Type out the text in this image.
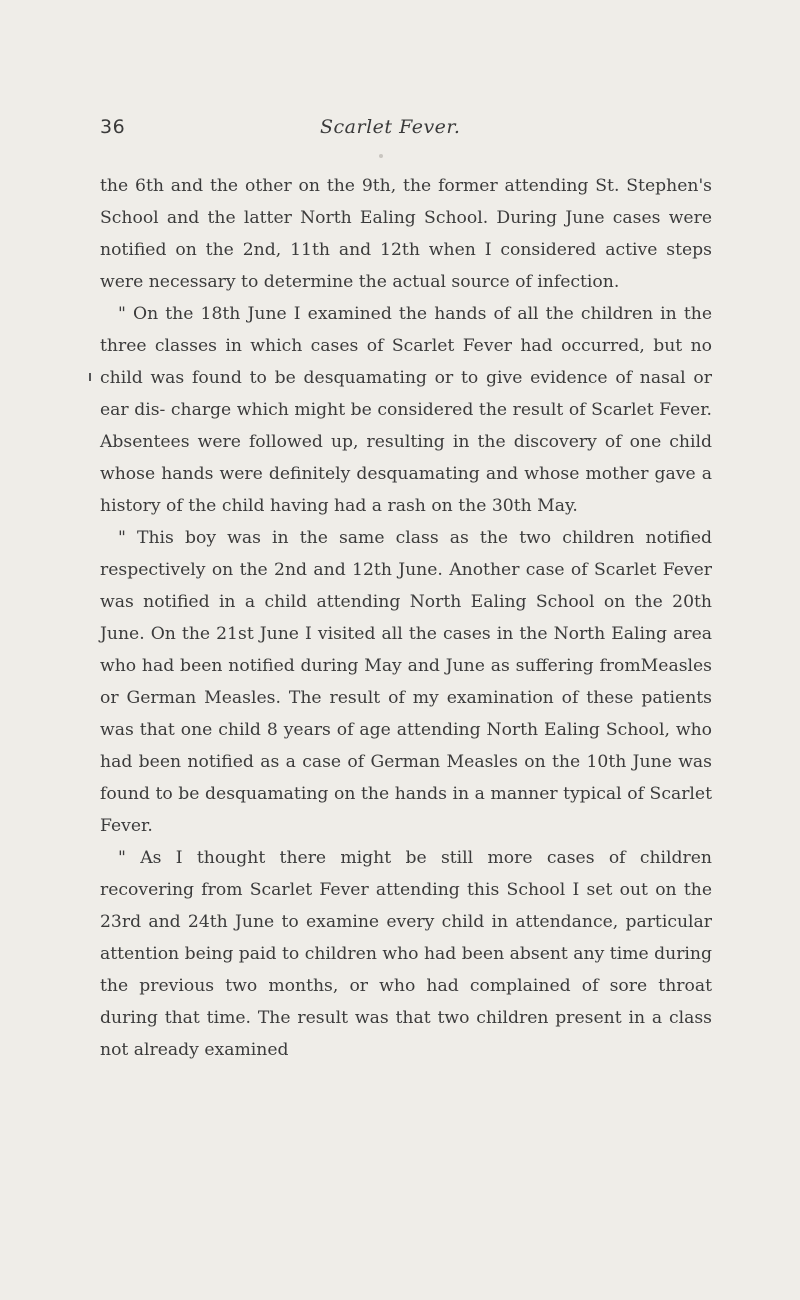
36	Scarlet Fever.

the 6th and the other on the 9th, the former attending St. Stephen's School and the latter North Ealing School. During June cases were notified on the 2nd, 11th and 12th when I considered active steps were necessary to determine the actual source of infection.

" On the 18th June I examined the hands of all the children in the three classes in which cases of Scarlet Fever had occurred, but no child was found to be desquamating or to give evidence of nasal or ear dis- charge which might be considered the result of Scarlet Fever. Absentees were followed up, resulting in the discovery of one child whose hands were definitely desquamating and whose mother gave a history of the child having had a rash on the 30th May.

" This boy was in the same class as the two children notified respectively on the 2nd and 12th June. Another case of Scarlet Fever was notified in a child attending North Ealing School on the 20th June. On the 21st June I visited all the cases in the North Ealing area who had been notified during May and June as suffering fromMeasles or German Measles. The result of my examination of these patients was that one child 8 years of age attending North Ealing School, who had been notified as a case of German Measles on the 10th June was found to be desquamating on the hands in a manner typical of Scarlet Fever.

" As I thought there might be still more cases of children recovering from Scarlet Fever attending this School I set out on the 23rd and 24th June to examine every child in attendance, particular attention being paid to children who had been absent any time during the previous two months, or who had complained of sore throat during that time. The result was that two children present in a class not already examined
